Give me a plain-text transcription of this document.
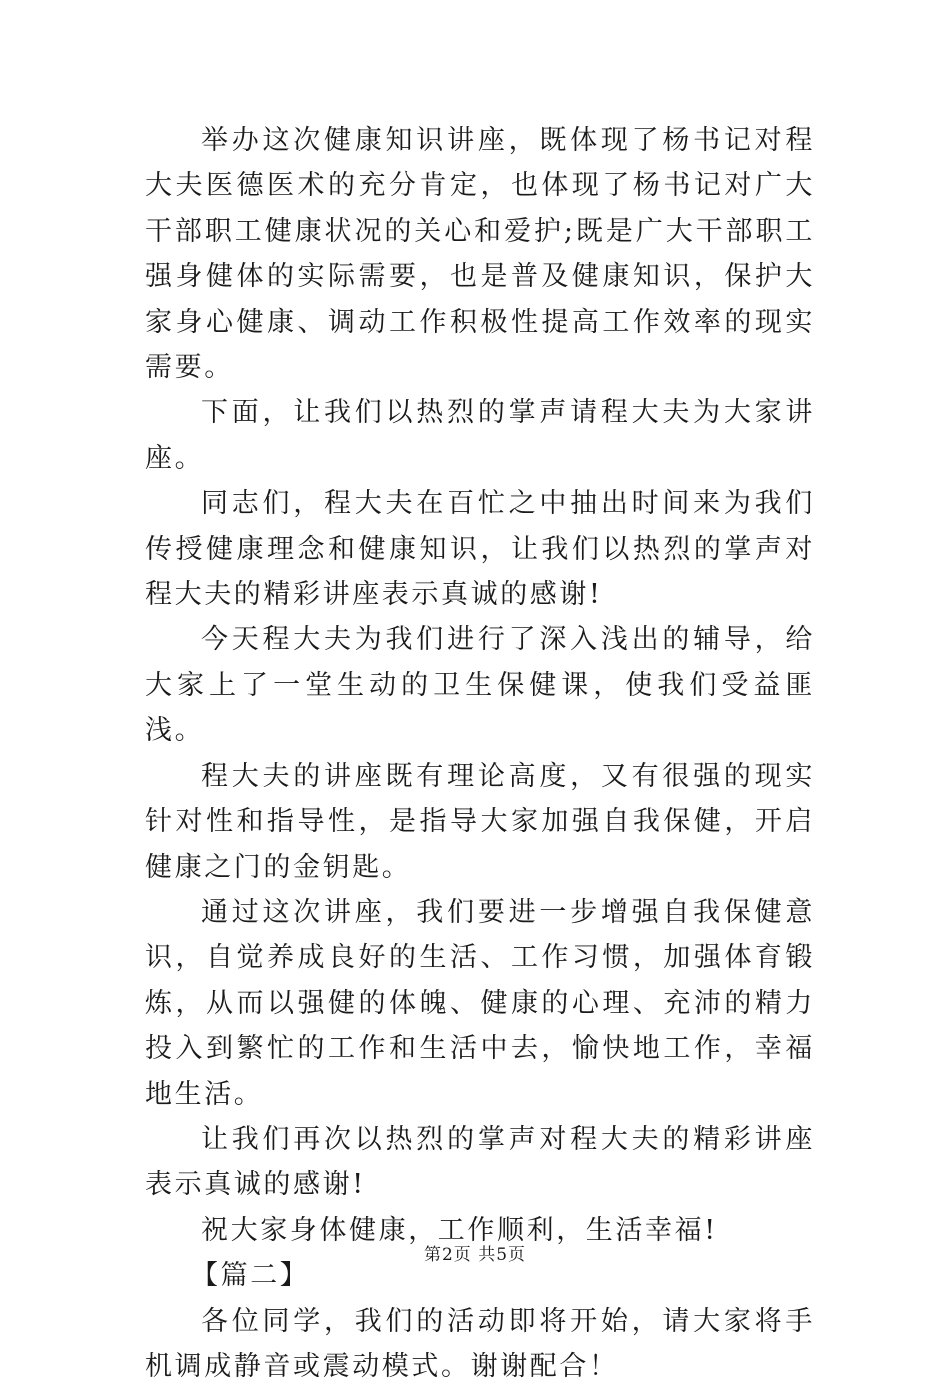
举办这次健康知识讲座，既体现了杨书记对程大夫医德医术的充分肯定，也体现了杨书记对广大干部职工健康状况的关心和爱护;既是广大干部职工强身健体的实际需要，也是普及健康知识，保护大家身心健康、调动工作积极性提高工作效率的现实需要。

下面，让我们以热烈的掌声请程大夫为大家讲座。

同志们，程大夫在百忙之中抽出时间来为我们传授健康理念和健康知识，让我们以热烈的掌声对程大夫的精彩讲座表示真诚的感谢!

今天程大夫为我们进行了深入浅出的辅导，给大家上了一堂生动的卫生保健课，使我们受益匪浅。

程大夫的讲座既有理论高度，又有很强的现实针对性和指导性，是指导大家加强自我保健，开启健康之门的金钥匙。

通过这次讲座，我们要进一步增强自我保健意识，自觉养成良好的生活、工作习惯，加强体育锻炼，从而以强健的体魄、健康的心理、充沛的精力投入到繁忙的工作和生活中去，愉快地工作，幸福地生活。

让我们再次以热烈的掌声对程大夫的精彩讲座表示真诚的感谢!

祝大家身体健康，工作顺利，生活幸福!

【篇二】

各位同学，我们的活动即将开始，请大家将手机调成静音或震动模式。谢谢配合！

第2页 共5页
